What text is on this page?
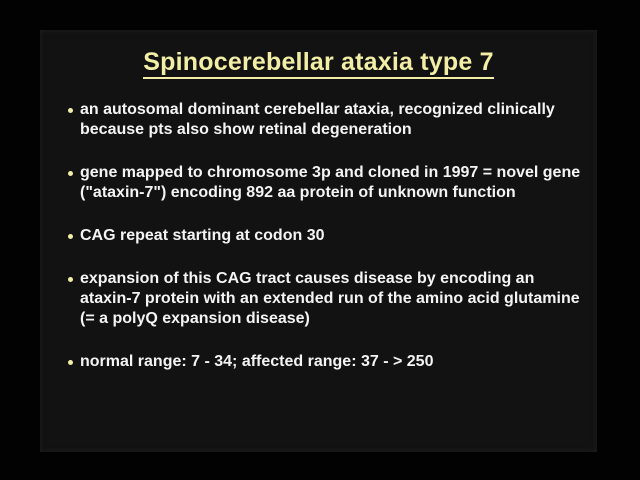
Spinocerebellar ataxia type 7
an autosomal dominant cerebellar ataxia, recognized clinically because pts also show retinal degeneration
gene mapped to chromosome 3p and cloned in 1997 = novel gene ("ataxin-7") encoding 892 aa protein of unknown function
CAG repeat starting at codon 30
expansion of this CAG tract causes disease by encoding an ataxin-7 protein with an extended run of the amino acid glutamine (= a polyQ expansion disease)
normal range: 7 - 34; affected range: 37 - > 250
